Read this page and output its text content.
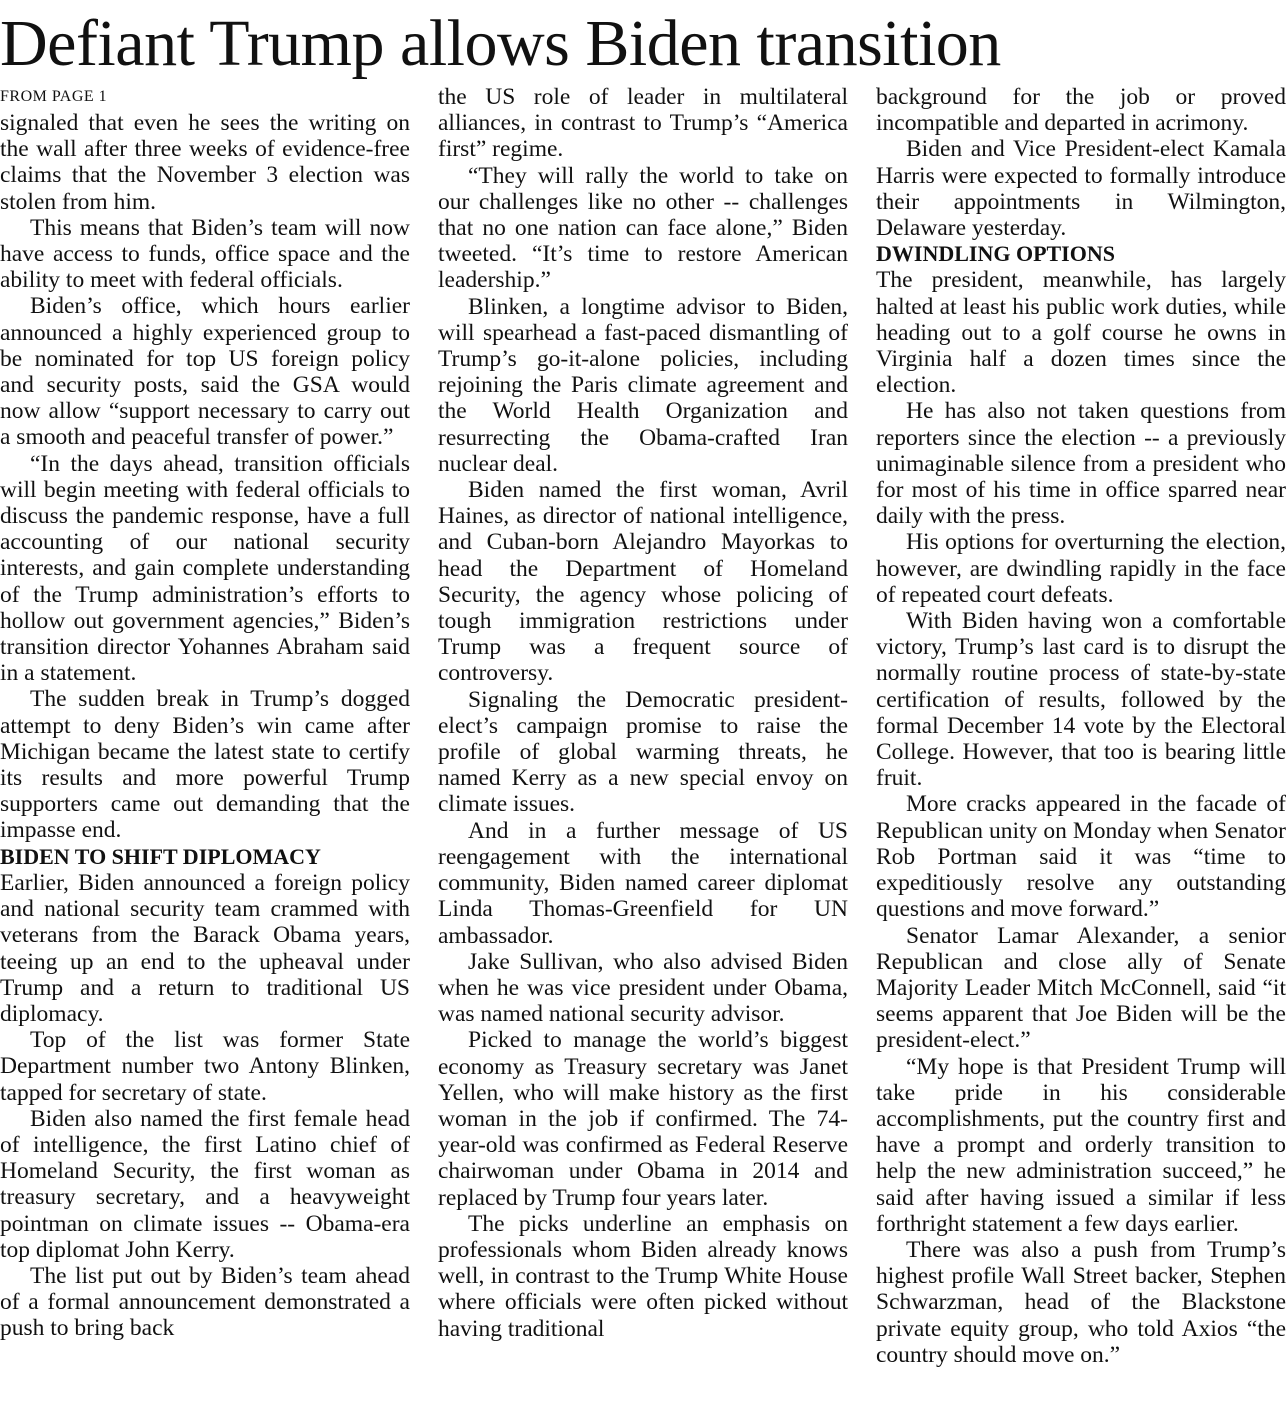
Defiant Trump allows Biden transition
FROM PAGE 1

signaled that even he sees the writing on the wall after three weeks of evidence-free claims that the November 3 election was stolen from him.

This means that Biden’s team will now have access to funds, office space and the ability to meet with federal officials.

Biden’s office, which hours earlier announced a highly experienced group to be nominated for top US foreign policy and security posts, said the GSA would now allow “support necessary to carry out a smooth and peaceful transfer of power.”

“In the days ahead, transition officials will begin meeting with federal officials to discuss the pandemic response, have a full accounting of our national security interests, and gain complete understanding of the Trump administration’s efforts to hollow out government agencies,” Biden’s transition director Yohannes Abraham said in a statement.

The sudden break in Trump’s dogged attempt to deny Biden’s win came after Michigan became the latest state to certify its results and more powerful Trump supporters came out demanding that the impasse end.

BIDEN TO SHIFT DIPLOMACY

Earlier, Biden announced a foreign policy and national security team crammed with veterans from the Barack Obama years, teeing up an end to the upheaval under Trump and a return to traditional US diplomacy.

Top of the list was former State Department number two Antony Blinken, tapped for secretary of state.

Biden also named the first female head of intelligence, the first Latino chief of Homeland Security, the first woman as treasury secretary, and a heavyweight pointman on climate issues -- Obama-era top diplomat John Kerry.

The list put out by Biden’s team ahead of a formal announcement demonstrated a push to bring back

the US role of leader in multilateral alliances, in contrast to Trump’s “America first” regime.

“They will rally the world to take on our challenges like no other -- challenges that no one nation can face alone,” Biden tweeted. “It’s time to restore American leadership.”

Blinken, a longtime advisor to Biden, will spearhead a fast-paced dismantling of Trump’s go-it-alone policies, including rejoining the Paris climate agreement and the World Health Organization and resurrecting the Obama-crafted Iran nuclear deal.

Biden named the first woman, Avril Haines, as director of national intelligence, and Cuban-born Alejandro Mayorkas to head the Department of Homeland Security, the agency whose policing of tough immigration restrictions under Trump was a frequent source of controversy.

Signaling the Democratic president-elect’s campaign promise to raise the profile of global warming threats, he named Kerry as a new special envoy on climate issues.

And in a further message of US reengagement with the international community, Biden named career diplomat Linda Thomas-Greenfield for UN ambassador.

Jake Sullivan, who also advised Biden when he was vice president under Obama, was named national security advisor.

Picked to manage the world’s biggest economy as Treasury secretary was Janet Yellen, who will make history as the first woman in the job if confirmed. The 74-year-old was confirmed as Federal Reserve chairwoman under Obama in 2014 and replaced by Trump four years later.

The picks underline an emphasis on professionals whom Biden already knows well, in contrast to the Trump White House where officials were often picked without having traditional

background for the job or proved incompatible and departed in acrimony.

Biden and Vice President-elect Kamala Harris were expected to formally introduce their appointments in Wilmington, Delaware yesterday.

DWINDLING OPTIONS

The president, meanwhile, has largely halted at least his public work duties, while heading out to a golf course he owns in Virginia half a dozen times since the election.

He has also not taken questions from reporters since the election -- a previously unimaginable silence from a president who for most of his time in office sparred near daily with the press.

His options for overturning the election, however, are dwindling rapidly in the face of repeated court defeats.

With Biden having won a comfortable victory, Trump’s last card is to disrupt the normally routine process of state-by-state certification of results, followed by the formal December 14 vote by the Electoral College. However, that too is bearing little fruit.

More cracks appeared in the facade of Republican unity on Monday when Senator Rob Portman said it was “time to expeditiously resolve any outstanding questions and move forward.”

Senator Lamar Alexander, a senior Republican and close ally of Senate Majority Leader Mitch McConnell, said “it seems apparent that Joe Biden will be the president-elect.”

“My hope is that President Trump will take pride in his considerable accomplishments, put the country first and have a prompt and orderly transition to help the new administration succeed,” he said after having issued a similar if less forthright statement a few days earlier.

There was also a push from Trump’s highest profile Wall Street backer, Stephen Schwarzman, head of the Blackstone private equity group, who told Axios “the country should move on.”
